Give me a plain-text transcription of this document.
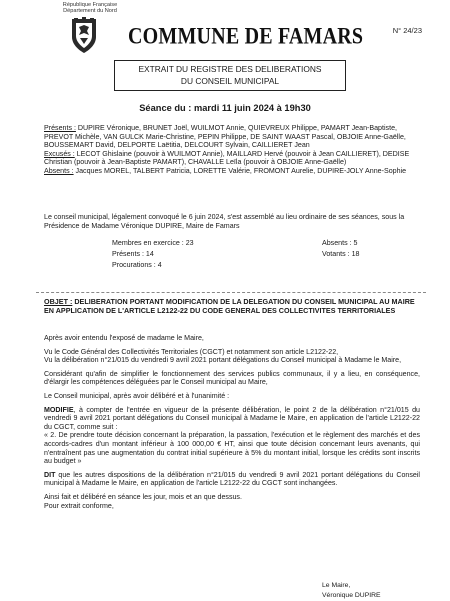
République Française
Département du Nord
COMMUNE DE FAMARS	N° 24/23
EXTRAIT DU REGISTRE DES DELIBERATIONS
DU CONSEIL MUNICIPAL
Séance du : mardi 11 juin 2024 à 19h30
Présents : DUPIRE Véronique, BRUNET Joël, WUILMOT Annie, QUIEVREUX Philippe, PAMART Jean-Baptiste, PREVOT Michèle, VAN GULCK Marie-Christine, PEPIN Philippe, DE SAINT WAAST Pascal, OBJOIE Anne-Gaëlle, BOUSSEMART David, DELPORTE Laëtitia, DELCOURT Sylvain, CAILLIERET Jean
Excusés : LECOT Ghislaine (pouvoir à WUILMOT Annie), MAILLARD Hervé (pouvoir à Jean CAILLIERET), DEDISE Christian (pouvoir à Jean-Baptiste PAMART), CHAVALLE Leïla (pouvoir à OBJOIE Anne-Gaëlle)
Absents : Jacques MOREL, TALBERT Patricia, LORETTE Valérie, FROMONT Aurelie, DUPIRE-JOLY Anne-Sophie
Le conseil municipal, légalement convoqué le 6 juin 2024, s'est assemblé au lieu ordinaire de ses séances, sous la Présidence de Madame Véronique DUPIRE, Maire de Famars
Membres en exercice : 23
Présents : 14
Procurations : 4
Absents : 5
Votants : 18
OBJET : DELIBERATION PORTANT MODIFICATION DE LA DELEGATION DU CONSEIL MUNICIPAL AU MAIRE EN APPLICATION DE L'ARTICLE L2122-22 DU CODE GENERAL DES COLLECTIVITES TERRITORIALES

Après avoir entendu l'exposé de madame le Maire,

Vu le Code Général des Collectivités Territoriales (CGCT) et notamment son article L2122-22,

Vu la délibération n°21/015 du vendredi 9 avril 2021 portant délégations du Conseil municipal à Madame le Maire,

Considérant qu'afin de simplifier le fonctionnement des services publics communaux, il y a lieu, en conséquence, d'élargir les compétences déléguées par le Conseil municipal au Maire,

Le Conseil municipal, après avoir délibéré et à l'unanimité :

MODIFIE, à compter de l'entrée en vigueur de la présente délibération, le point 2 de la délibération n°21/015 du vendredi 9 avril 2021 portant délégations du Conseil municipal à Madame le Maire, en application de l'article L2122-22 du CGCT, comme suit :

« 2. De prendre toute décision concernant la préparation, la passation, l'exécution et le règlement des marchés et des accords-cadres d'un montant inférieur à 100 000,00 € HT, ainsi que toute décision concernant leurs avenants, qui n'entraînent pas une augmentation du contrat initial supérieure à 5% du montant initial, lorsque les crédits sont inscrits au budget »

DIT que les autres dispositions de la délibération n°21/015 du vendredi 9 avril 2021 portant délégations du Conseil municipal à Madame le Maire, en application de l'article L2122-22 du CGCT sont inchangées.

Ainsi fait et délibéré en séance les jour, mois et an que dessus.

Pour extrait conforme,

Le Maire,
Véronique DUPIRE
